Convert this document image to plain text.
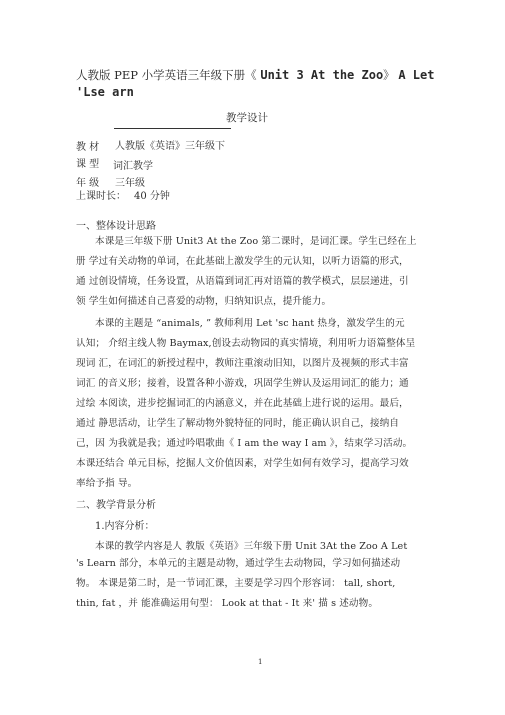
人教版 PEP 小学英语三年级下册《 Unit 3 At the Zoo》 A Let
'Lse arn
教学设计
教 材 人教版《英语》三年级下
课 型 词汇教学
年 级 三年级
上课时长： 40 分钟
一、整体设计思路
本课是三年级下册 Unit3 At the Zoo 第二课时，是词汇课。学生已经在上
册 学过有关动物的单词，在此基础上激发学生的元认知，以听力语篇的形式，
通 过创设情境，任务设置，从语篇到词汇再对语篇的教学模式，层层递进，引
领 学生如何描述自己喜爱的动物，归纳知识点，提升能力。
本课的主题是 “animals, ” 教师利用 Let 'sc hant 热身，激发学生的元
认知； 介绍主线人物 Baymax,创设去动物园的真实情境，利用听力语篇整体呈
现词 汇，在词汇的新授过程中，教师注重滚动旧知，以图片及视频的形式丰富
词汇 的音义形；接着，设置各种小游戏，巩固学生辨认及运用词汇的能力；通
过绘 本阅读，进步挖掘词汇的内涵意义，并在此基础上进行说的运用。最后，
通过 静思活动，让学生了解动物外貌特征的同时，能正确认识自己，接纳自
己，因 为我就是我；通过吟唱歌曲《 I am the way I am 》，结束学习活动。
本课还结合 单元目标，挖掘人文价值因素，对学生如何有效学习，提高学习效
率给予指 导。
二、教学背景分析
1.内容分析：
本课的教学内容是人 教版《英语》三年级下册 Unit 3At the Zoo A Let
's Learn 部分，本单元的主题是动物，通过学生去动物园，学习如何描述动
物。 本课是第二时，是一节词汇课，主要是学习四个形容词： tall, short,
thin, fat ，并 能准确运用句型： Look at that - It 来' 描 s 述动物。
1
